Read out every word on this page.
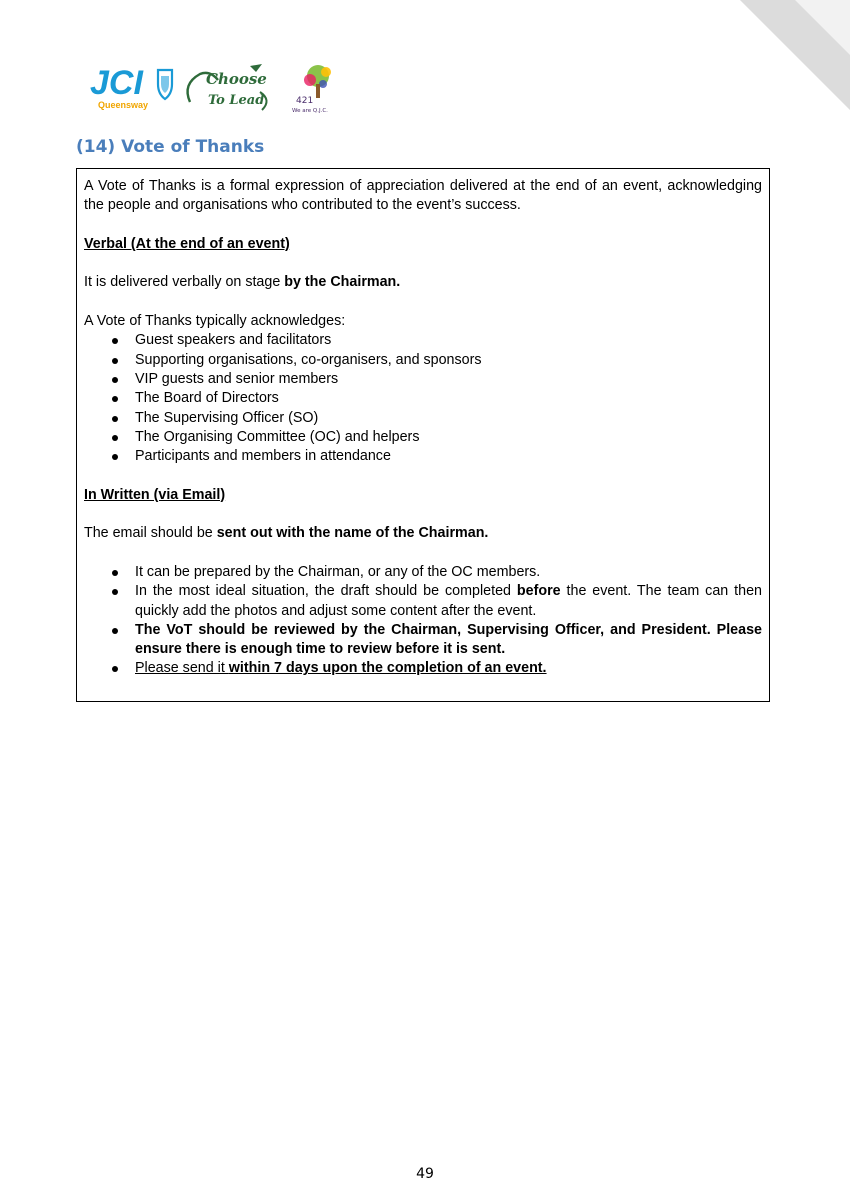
JCI
Queensway
Choose
To Lead	421
We are Q.J.C.
(14) Vote of Thanks

A Vote of Thanks is a formal expression of appreciation delivered at the end of an event, acknowledging the people and organisations who contributed to the event’s success.

Verbal (At the end of an event)

It is delivered verbally on stage by the Chairman.

A Vote of Thanks typically acknowledges:

Guest speakers and facilitators
Supporting organisations, co-organisers, and sponsors
VIP guests and senior members
The Board of Directors
The Supervising Officer (SO)
The Organising Committee (OC) and helpers
Participants and members in attendance

In Written (via Email)

The email should be sent out with the name of the Chairman.

It can be prepared by the Chairman, or any of the OC members.
In the most ideal situation, the draft should be completed before the event. The team can then quickly add the photos and adjust some content after the event.
The VoT should be reviewed by the Chairman, Supervising Officer, and President. Please ensure there is enough time to review before it is sent.
Please send it within 7 days upon the completion of an event.
49
